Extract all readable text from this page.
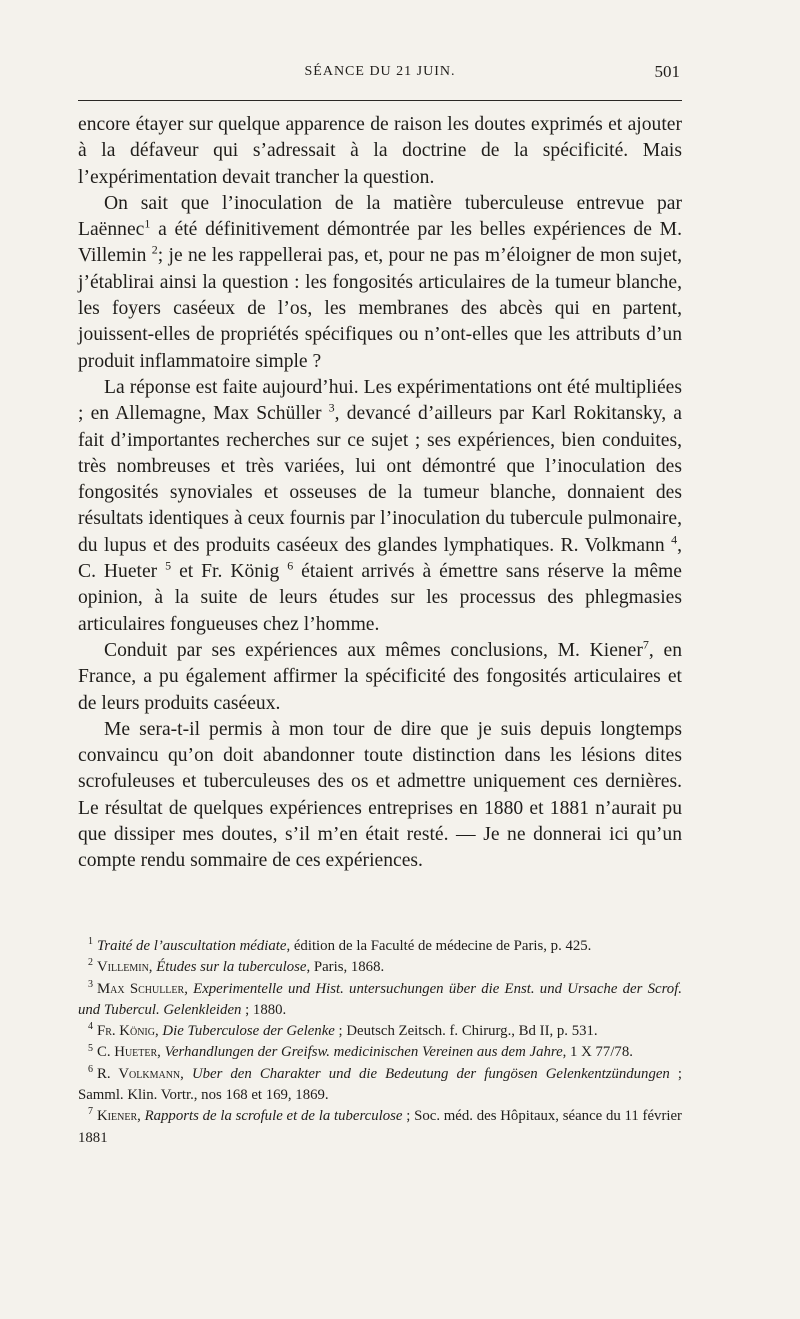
SÉANCE DU 21 JUIN.	501

encore étayer sur quelque apparence de raison les doutes exprimés et ajouter à la défaveur qui s’adressait à la doctrine de la spécificité. Mais l’expérimentation devait trancher la question.

On sait que l’inoculation de la matière tuberculeuse entrevue par Laënnec$^1$ a été définitivement démontrée par les belles expériences de M. Villemin $^2$; je ne les rappellerai pas, et, pour ne pas m’éloigner de mon sujet, j’établirai ainsi la question : les fongosités articulaires de la tumeur blanche, les foyers caséeux de l’os, les membranes des abcès qui en partent, jouissent-elles de propriétés spécifiques ou n’ont-elles que les attributs d’un produit inflammatoire simple ?

La réponse est faite aujourd’hui. Les expérimentations ont été multipliées ; en Allemagne, Max Schüller $^3$, devancé d’ailleurs par Karl Rokitansky, a fait d’importantes recherches sur ce sujet ; ses expériences, bien conduites, très nombreuses et très variées, lui ont démontré que l’inoculation des fongosités synoviales et osseuses de la tumeur blanche, donnaient des résultats identiques à ceux fournis par l’inoculation du tubercule pulmonaire, du lupus et des produits caséeux des glandes lymphatiques. R. Volkmann $^4$, C. Hueter $^5$ et Fr. König $^6$ étaient arrivés à émettre sans réserve la même opinion, à la suite de leurs études sur les processus des phlegmasies articulaires fongueuses chez l’homme.

Conduit par ses expériences aux mêmes conclusions, M. Kiener$^7$, en France, a pu également affirmer la spécificité des fongosités articulaires et de leurs produits caséeux.

Me sera-t-il permis à mon tour de dire que je suis depuis longtemps convaincu qu’on doit abandonner toute distinction dans les lésions dites scrofuleuses et tuberculeuses des os et admettre uniquement ces dernières. Le résultat de quelques expériences entreprises en 1880 et 1881 n’aurait pu que dissiper mes doutes, s’il m’en était resté. — Je ne donnerai ici qu’un compte rendu sommaire de ces expériences.

$^1$ Traité de l’auscultation médiate, édition de la Faculté de médecine de Paris, p. 425.

$^2$ Villemin, Études sur la tuberculose, Paris, 1868.

$^3$ Max Schuller, Experimentelle und Hist. untersuchungen über die Enst. und Ursache der Scrof. und Tubercul. Gelenkleiden ; 1880.

$^4$ Fr. König, Die Tuberculose der Gelenke ; Deutsch Zeitsch. f. Chirurg., Bd II, p. 531.

$^5$ C. Hueter, Verhandlungen der Greifsw. medicinischen Vereinen aus dem Jahre, 1 X 77/78.

$^6$ R. Volkmann, Uber den Charakter und die Bedeutung der fungösen Gelenkentzündungen ; Samml. Klin. Vortr., nos 168 et 169, 1869.

$^7$ Kiener, Rapports de la scrofule et de la tuberculose ; Soc. méd. des Hôpitaux, séance du 11 février 1881
